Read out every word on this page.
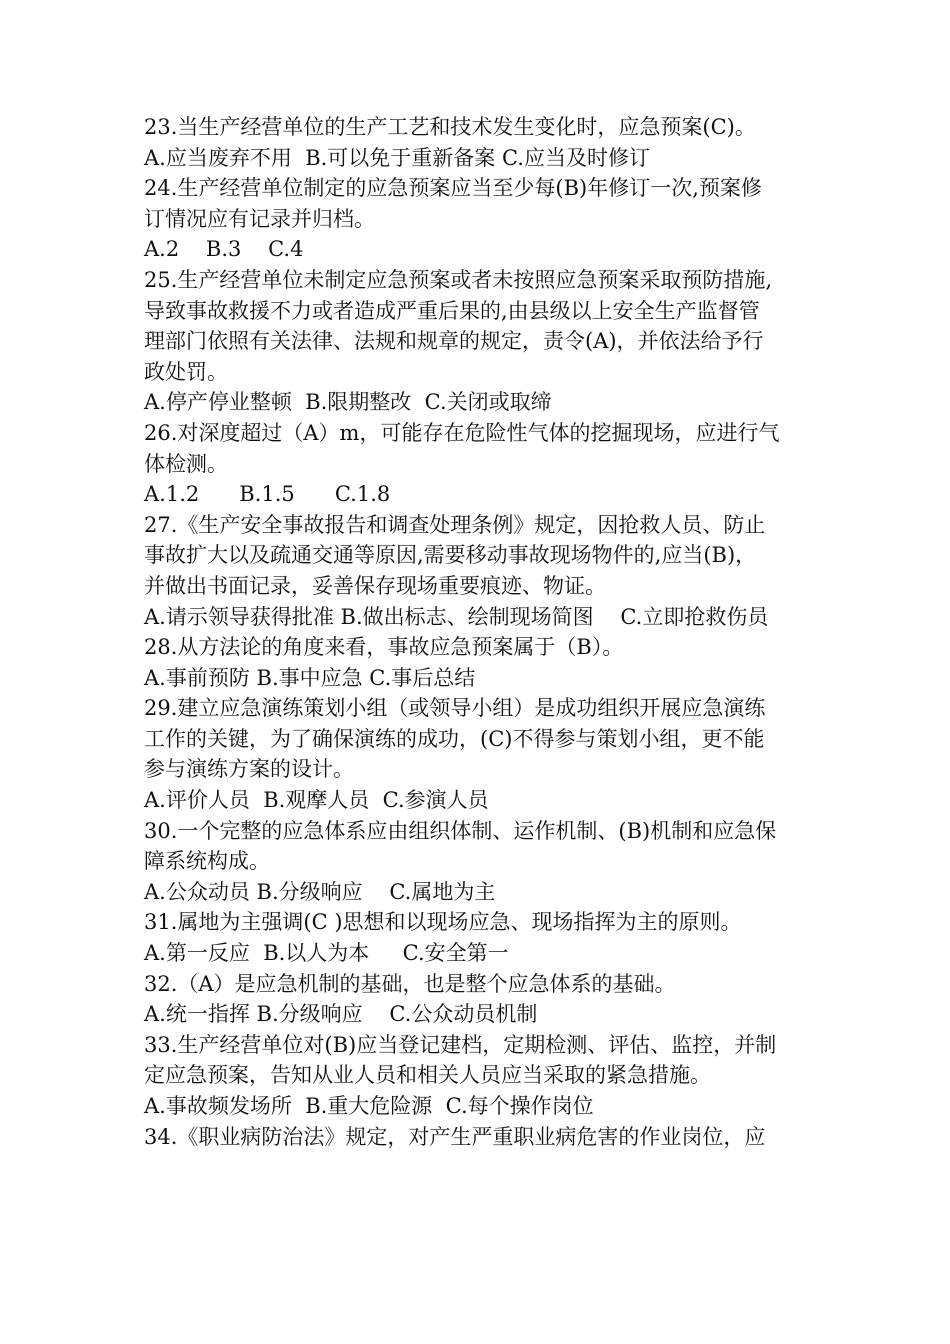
23.当生产经营单位的生产工艺和技术发生变化时，应急预案(C)。
A.应当废弃不用  B.可以免于重新备案 C.应当及时修订
24.生产经营单位制定的应急预案应当至少每(B)年修订一次,预案修
订情况应有记录并归档。
A.2    B.3    C.4
25.生产经营单位未制定应急预案或者未按照应急预案采取预防措施,
导致事故救援不力或者造成严重后果的,由县级以上安全生产监督管
理部门依照有关法律、法规和规章的规定，责令(A)，并依法给予行
政处罚。
A.停产停业整顿  B.限期整改  C.关闭或取缔
26.对深度超过（A）m，可能存在危险性气体的挖掘现场，应进行气
体检测。
A.1.2      B.1.5      C.1.8
27.《生产安全事故报告和调查处理条例》规定，因抢救人员、防止
事故扩大以及疏通交通等原因,需要移动事故现场物件的,应当(B)，
并做出书面记录，妥善保存现场重要痕迹、物证。
A.请示领导获得批准 B.做出标志、绘制现场简图    C.立即抢救伤员
28.从方法论的角度来看，事故应急预案属于（B）。
A.事前预防 B.事中应急 C.事后总结
29.建立应急演练策划小组（或领导小组）是成功组织开展应急演练
工作的关键，为了确保演练的成功，(C)不得参与策划小组，更不能
参与演练方案的设计。
A.评价人员  B.观摩人员  C.参演人员
30.一个完整的应急体系应由组织体制、运作机制、(B)机制和应急保
障系统构成。
A.公众动员 B.分级响应    C.属地为主
31.属地为主强调(C )思想和以现场应急、现场指挥为主的原则。
A.第一反应  B.以人为本     C.安全第一
32.（A）是应急机制的基础，也是整个应急体系的基础。
A.统一指挥 B.分级响应    C.公众动员机制
33.生产经营单位对(B)应当登记建档，定期检测、评估、监控，并制
定应急预案，告知从业人员和相关人员应当采取的紧急措施。
A.事故频发场所  B.重大危险源  C.每个操作岗位
34.《职业病防治法》规定，对产生严重职业病危害的作业岗位，应
